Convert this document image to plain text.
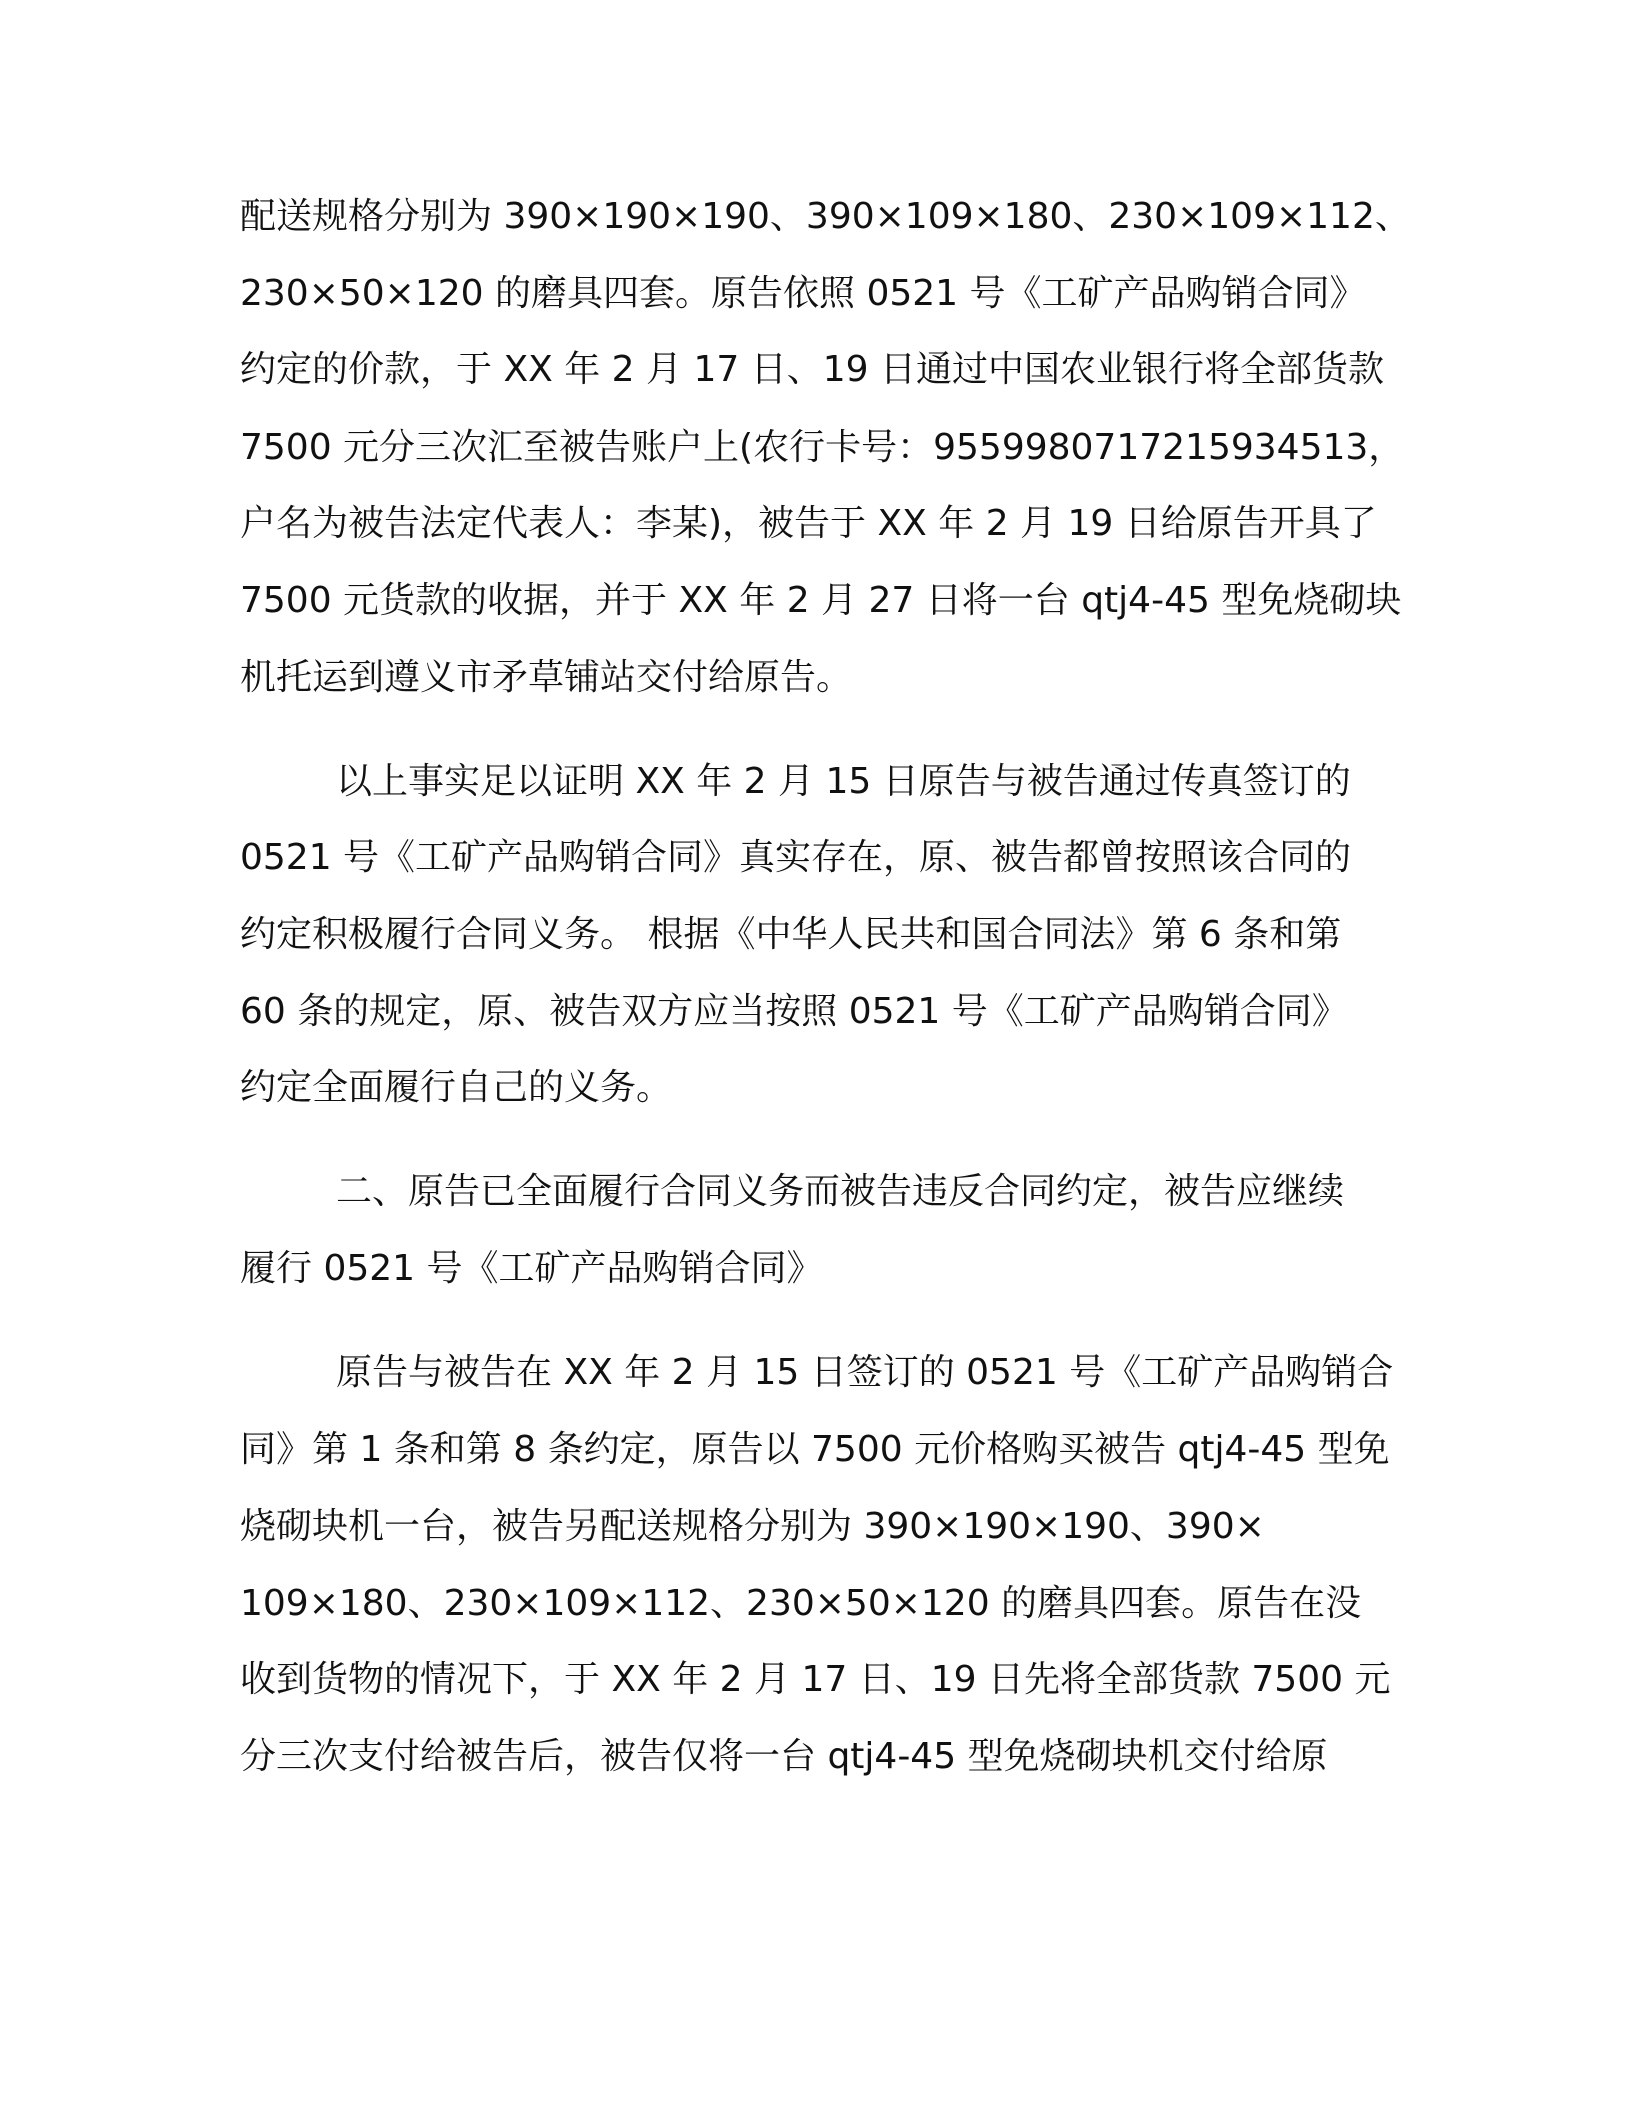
配送规格分别为 390×190×190、390×109×180、230×109×112、
230×50×120 的磨具四套。原告依照 0521 号《工矿产品购销合同》
约定的价款，于 XX 年 2 月 17 日、19 日通过中国农业银行将全部货款
7500 元分三次汇至被告账户上(农行卡号：9559980717215934513，
户名为被告法定代表人：李某)，被告于 XX 年 2 月 19 日给原告开具了
7500 元货款的收据，并于 XX 年 2 月 27 日将一台 qtj4-45 型免烧砌块
机托运到遵义市矛草铺站交付给原告。
以上事实足以证明 XX 年 2 月 15 日原告与被告通过传真签订的
0521 号《工矿产品购销合同》真实存在，原、被告都曾按照该合同的
约定积极履行合同义务。 根据《中华人民共和国合同法》第 6 条和第
60 条的规定，原、被告双方应当按照 0521 号《工矿产品购销合同》
约定全面履行自己的义务。
二、原告已全面履行合同义务而被告违反合同约定，被告应继续
履行 0521 号《工矿产品购销合同》
原告与被告在 XX 年 2 月 15 日签订的 0521 号《工矿产品购销合
同》第 1 条和第 8 条约定，原告以 7500 元价格购买被告 qtj4-45 型免
烧砌块机一台，被告另配送规格分别为 390×190×190、390×
109×180、230×109×112、230×50×120 的磨具四套。原告在没
收到货物的情况下，于 XX 年 2 月 17 日、19 日先将全部货款 7500 元
分三次支付给被告后，被告仅将一台 qtj4-45 型免烧砌块机交付给原
